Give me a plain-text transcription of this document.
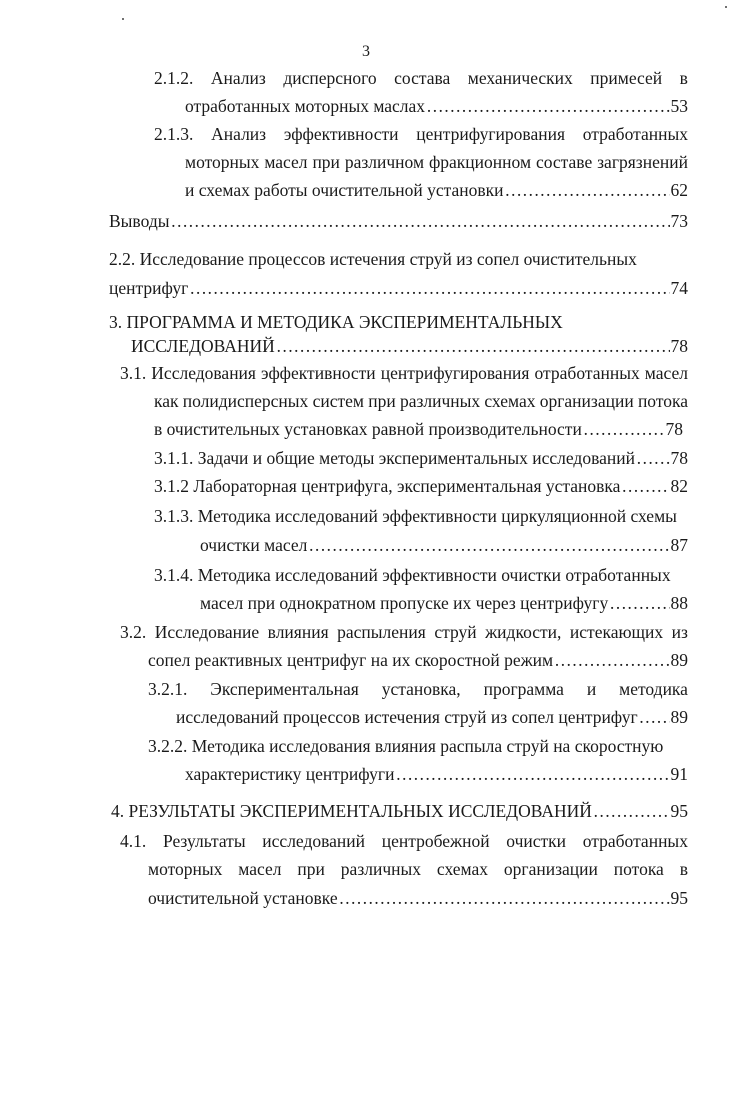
3
2.1.2. Анализ дисперсного состава механических примесей в
отработанных моторных маслах ……………………………………………………………………………………………………………………………………	53
2.1.3. Анализ эффективности центрифугирования отработанных
моторных масел при различном фракционном составе загрязнений
и схемах работы очистительной установки ……………………………………………………………………………………………………………………………………	62
Выводы ……………………………………………………………………………………………………………………………………	73
2.2. Исследование процессов истечения струй из сопел очистительных
центрифуг ……………………………………………………………………………………………………………………………………	74
3. ПРОГРАММА И МЕТОДИКА ЭКСПЕРИМЕНТАЛЬНЫХ
ИССЛЕДОВАНИЙ ……………………………………………………………………………………………………………………………………	78
3.1. Исследования эффективности центрифугирования отработанных масел
как полидисперсных систем при различных схемах организации потока
в очистительных установках равной производительности ……………………………………………………………………………………………………………………………………	78
3.1.1. Задачи и общие методы экспериментальных исследований …………………………………………………………………………………………………………………………………… 78
3.1.2 Лабораторная центрифуга, экспериментальная установка ……………………………………………………………………………………………………………………………………	82
3.1.3. Методика исследований эффективности циркуляционной схемы
очистки масел ……………………………………………………………………………………………………………………………………	87
3.1.4. Методика исследований эффективности очистки отработанных
масел при однократном пропуске их через центрифугу ……………………………………………………………………………………………………………………………………	88
3.2. Исследование влияния распыления струй жидкости, истекающих из
сопел реактивных центрифуг на их скоростной режим ……………………………………………………………………………………………………………………………………	89
3.2.1. Экспериментальная установка, программа и методика
исследований процессов истечения струй из сопел центрифуг …………………………………………………………………………………………………………………………………… 89
3.2.2. Методика исследования влияния распыла струй на скоростную
характеристику центрифуги ……………………………………………………………………………………………………………………………………	91
4. РЕЗУЛЬТАТЫ ЭКСПЕРИМЕНТАЛЬНЫХ ИССЛЕДОВАНИЙ ……………………………………………………………………………………………………………………………………	95
4.1. Результаты исследований центробежной очистки отработанных
моторных масел при различных схемах организации потока в
очистительной установке ……………………………………………………………………………………………………………………………………	95
